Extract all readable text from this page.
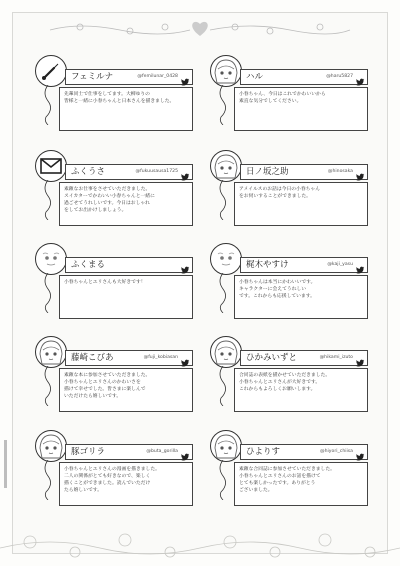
フェミルナ	@femilunar_0428
先輩同士で仕事をしてます。大柳ゆりの
皆様と一緒に小春ちゃんと日本さんを描きました。
ハル	@haru5827
小春ちゃん、今日はこれでかわいいから
素直な気分でしてください。
ふくうさ	@fukuusausa1725
素敵なお仕事をさせていただきました。
スイカターでかわいい小春ちゃんと一緒に
過ごせてうれしいです。今日はおしゃれ
をしてお出かけしましょう。
日ノ坂之助	@hinosaka
アメイルスのお話は今日の小春ちゃん
をお伺いすることができました。
ふくまる
小春ちゃんとエリさんも大好きです！
梶木やすけ	@kaji_yasu
小春ちゃんは本当にかわいいです。
キャラクターに会えてうれしい
です。これからも応援しています。
藤崎こびあ	@fuji_kobiasan
素敵な本に参加させていただきました。
小春ちゃんとエリさんのかわいさを
描けて幸せでした。皆さまに楽しんで
いただけたら嬉しいです。
ひかみいずと	@hikami_izuto
合同誌の表紙を描かせていただきました。
小春ちゃんとエリさんが大好きです。
これからもよろしくお願いします。
豚ゴリラ	@buta_gorilla
小春ちゃんとエリさんの漫画を描きました。
二人の関係がとても好きなので、楽しく
描くことができました。読んでいただけ
たら嬉しいです。
ひよりす	@hiyori_chiisa
素敵な合同誌に参加させていただきました。
小春ちゃんとエリさんのお話を描けて
とても楽しかったです。ありがとう
ございました。
